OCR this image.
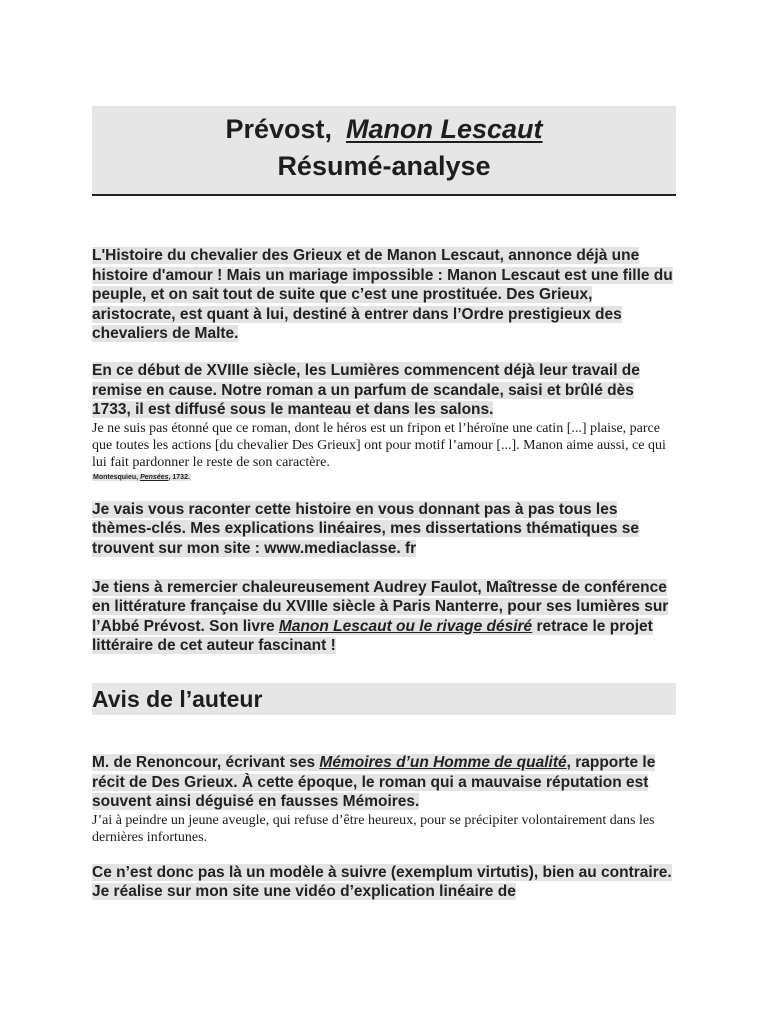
Prévost, Manon Lescaut
Résumé-analyse

L'Histoire du chevalier des Grieux et de Manon Lescaut, annonce déjà une histoire d'amour ! Mais un mariage impossible : Manon Lescaut est une fille du peuple, et on sait tout de suite que c’est une prostituée. Des Grieux, aristocrate, est quant à lui, destiné à entrer dans l’Ordre prestigieux des chevaliers de Malte.

En ce début de XVIIIe siècle, les Lumières commencent déjà leur travail de remise en cause. Notre roman a un parfum de scandale, saisi et brûlé dès 1733, il est diffusé sous le manteau et dans les salons.

Je ne suis pas étonné que ce roman, dont le héros est un fripon et l’héroïne une catin [...] plaise, parce que toutes les actions [du chevalier Des Grieux] ont pour motif l’amour [...]. Manon aime aussi, ce qui lui fait pardonner le reste de son caractère.

Montesquieu, Pensées, 1732.

Je vais vous raconter cette histoire en vous donnant pas à pas tous les thèmes-clés. Mes explications linéaires, mes dissertations thématiques se trouvent sur mon site : www.mediaclasse. fr

Je tiens à remercier chaleureusement Audrey Faulot, Maîtresse de conférence en littérature française du XVIIIe siècle à Paris Nanterre, pour ses lumières sur l’Abbé Prévost. Son livre Manon Lescaut ou le rivage désiré retrace le projet littéraire de cet auteur fascinant !

Avis de l’auteur

M. de Renoncour, écrivant ses Mémoires d’un Homme de qualité, rapporte le récit de Des Grieux. À cette époque, le roman qui a mauvaise réputation est souvent ainsi déguisé en fausses Mémoires.

J’ai à peindre un jeune aveugle, qui refuse d’être heureux, pour se précipiter volontairement dans les dernières infortunes.

Ce n’est donc pas là un modèle à suivre (exemplum virtutis), bien au contraire. Je réalise sur mon site une vidéo d’explication linéaire de
